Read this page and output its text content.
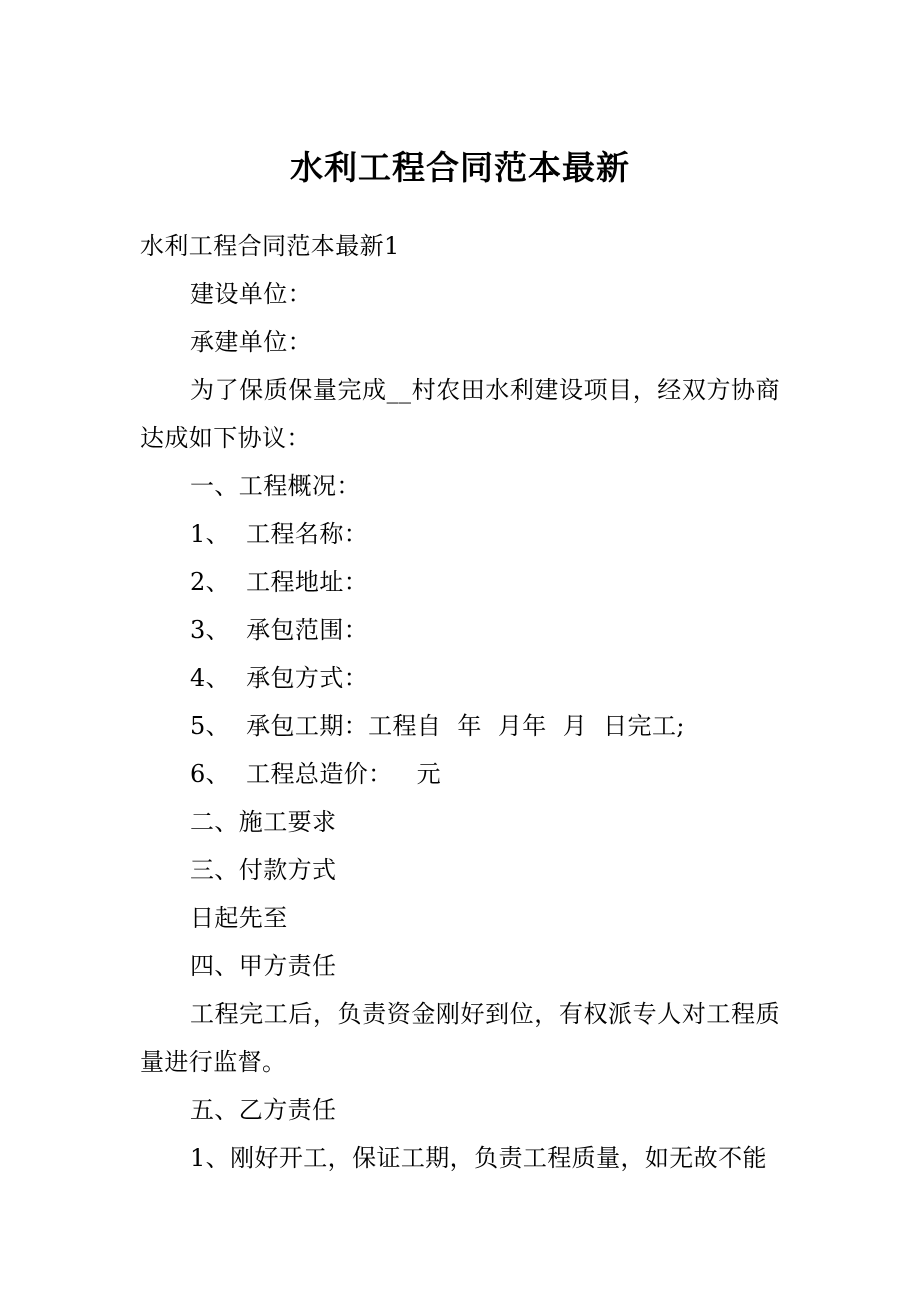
水利工程合同范本最新

水利工程合同范本最新1

建设单位：

承建单位：

为了保质保量完成__村农田水利建设项目，经双方协商达成如下协议：

一、工程概况：

1、  工程名称：

2、  工程地址：

3、  承包范围：

4、  承包方式：

5、  承包工期：工程自  年  月年  月  日完工;

6、  工程总造价：   元

二、施工要求

三、付款方式

日起先至

四、甲方责任

工程完工后，负责资金刚好到位，有权派专人对工程质量进行监督。

五、乙方责任

1、刚好开工，保证工期，负责工程质量，如无故不能
